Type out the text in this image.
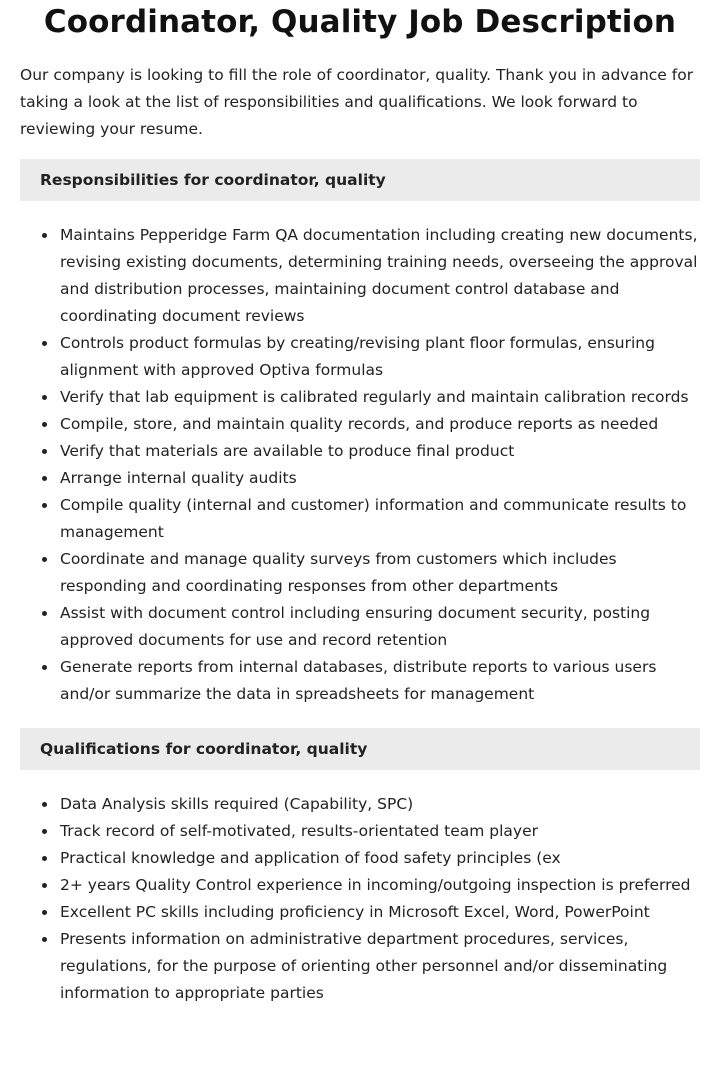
Coordinator, Quality Job Description

Our company is looking to fill the role of coordinator, quality. Thank you in advance for taking a look at the list of responsibilities and qualifications. We look forward to reviewing your resume.

Responsibilities for coordinator, quality
Maintains Pepperidge Farm QA documentation including creating new documents, revising existing documents, determining training needs, overseeing the approval and distribution processes, maintaining document control database and coordinating document reviews
Controls product formulas by creating/revising plant floor formulas, ensuring alignment with approved Optiva formulas
Verify that lab equipment is calibrated regularly and maintain calibration records
Compile, store, and maintain quality records, and produce reports as needed
Verify that materials are available to produce final product
Arrange internal quality audits
Compile quality (internal and customer) information and communicate results to management
Coordinate and manage quality surveys from customers which includes responding and coordinating responses from other departments
Assist with document control including ensuring document security, posting approved documents for use and record retention
Generate reports from internal databases, distribute reports to various users and/or summarize the data in spreadsheets for management
Qualifications for coordinator, quality
Data Analysis skills required (Capability, SPC)
Track record of self-motivated, results-orientated team player
Practical knowledge and application of food safety principles (ex
2+ years Quality Control experience in incoming/outgoing inspection is preferred
Excellent PC skills including proficiency in Microsoft Excel, Word, PowerPoint
Presents information on administrative department procedures, services, regulations, for the purpose of orienting other personnel and/or disseminating information to appropriate parties
